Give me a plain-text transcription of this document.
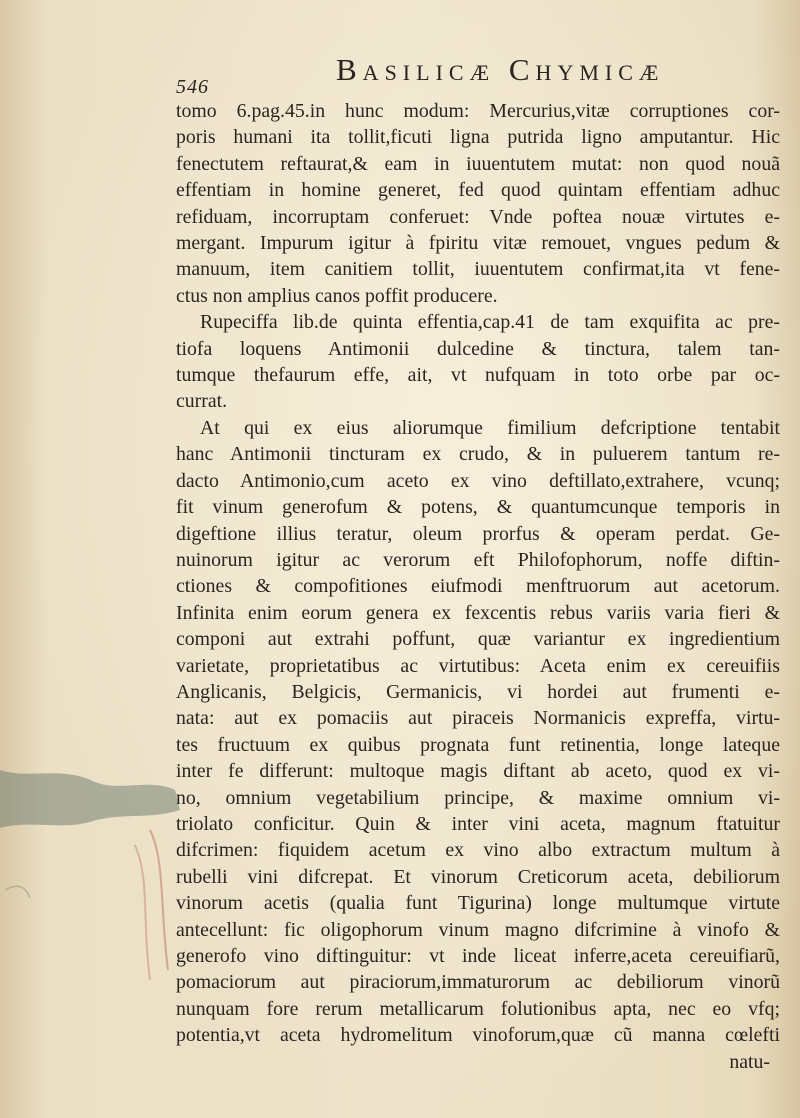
546	Basilicæ Chymicæ
tomo 6.pag.45.in hunc modum: Mercurius,vitæ corruptiones cor-
poris humani ita tollit,ficuti ligna putrida ligno amputantur. Hic
fenectutem reftaurat,& eam in iuuentutem mutat: non quod nouã
effentiam in homine generet, fed quod quintam effentiam adhuc
refiduam, incorruptam conferuet: Vnde poftea nouæ virtutes e-
mergant. Impurum igitur à fpiritu vitæ remouet, vngues pedum &
manuum, item canitiem tollit, iuuentutem confirmat,ita vt fene-
ctus non amplius canos poffit producere.
Rupeciffa lib.de quinta effentia,cap.41 de tam exquifita ac pre-
tiofa loquens Antimonii dulcedine & tinctura, talem tan-
tumque thefaurum effe, ait, vt nufquam in toto orbe par oc-
currat.
At qui ex eius aliorumque fimilium defcriptione tentabit
hanc Antimonii tincturam ex crudo, & in puluerem tantum re-
dacto Antimonio,cum aceto ex vino deftillato,extrahere, vcunq;
fit vinum generofum & potens, & quantumcunque temporis in
digeftione illius teratur, oleum prorfus & operam perdat. Ge-
nuinorum igitur ac verorum eft Philofophorum, noffe diftin-
ctiones & compofitiones eiufmodi menftruorum aut acetorum.
Infinita enim eorum genera ex fexcentis rebus variis varia fieri &
componi aut extrahi poffunt, quæ variantur ex ingredientium
varietate, proprietatibus ac virtutibus: Aceta enim ex cereuifiis
Anglicanis, Belgicis, Germanicis, vi hordei aut frumenti e-
nata: aut ex pomaciis aut piraceis Normanicis expreffa, virtu-
tes fructuum ex quibus prognata funt retinentia, longe lateque
inter fe differunt: multoque magis diftant ab aceto, quod ex vi-
no, omnium vegetabilium principe, & maxime omnium vi-
triolato conficitur. Quin & inter vini aceta, magnum ftatuitur
difcrimen: fiquidem acetum ex vino albo extractum multum à
rubelli vini difcrepat. Et vinorum Creticorum aceta, debiliorum
vinorum acetis (qualia funt Tigurina) longe multumque virtute
antecellunt: fic oligophorum vinum magno difcrimine à vinofo &
generofo vino diftinguitur: vt inde liceat inferre,aceta cereuifiarũ,
pomaciorum aut piraciorum,immaturorum ac debiliorum vinorũ
nunquam fore rerum metallicarum folutionibus apta, nec eo vfq;
potentia,vt aceta hydromelitum vinoforum,quæ cũ manna cœlefti
natu-
